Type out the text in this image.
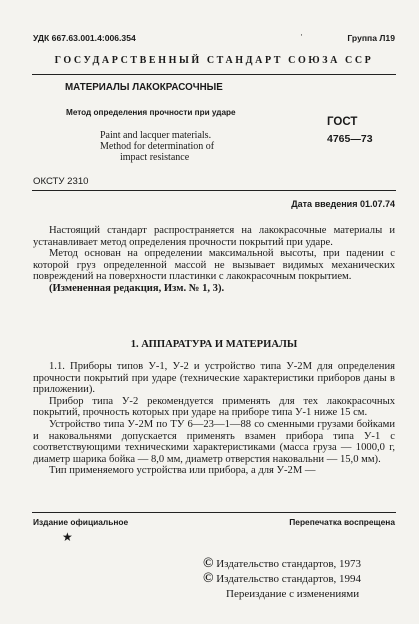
УДК 667.63.001.4:006.354	·	Группа Л19
ГОСУДАРСТВЕННЫЙ СТАНДАРТ СОЮЗА ССР
МАТЕРИАЛЫ ЛАКОКРАСОЧНЫЕ
Метод определения прочности при ударе
Paint and lacquer materials.
Method for determination of
impact resistance
ГОСТ
4765—73
ОКСТУ 2310
Дата введения 01.07.74

Настоящий стандарт распространяется на лакокрасочные материалы и устанавливает метод определения прочности покрытий при ударе.

Метод основан на определении максимальной высоты, при падении с которой груз определенной массой не вызывает видимых механических повреждений на поверхности пластинки с лакокрасочным покрытием.

(Измененная редакция, Изм. № 1, 3).

1. АППАРАТУРА И МАТЕРИАЛЫ

1.1. Приборы типов У-1, У-2 и устройство типа У-2М для определения прочности покрытий при ударе (технические характеристики приборов даны в приложении).

Прибор типа У-2 рекомендуется применять для тех лакокрасочных покрытий, прочность которых при ударе на приборе типа У-1 ниже 15 см.

Устройство типа У-2М по ТУ 6—23—1—88 со сменными грузами бойками и наковальнями допускается применять взамен прибора типа У-1 с соответствующими техническими характеристиками (масса груза — 1000,0 г, диаметр шарика бойка — 8,0 мм, диаметр отверстия наковальни — 15,0 мм).

Тип применяемого устройства или прибора, а для У-2М —

Издание официальное	Перепечатка воспрещена
★
© Издательство стандартов, 1973
© Издательство стандартов, 1994
Переиздание с изменениями
